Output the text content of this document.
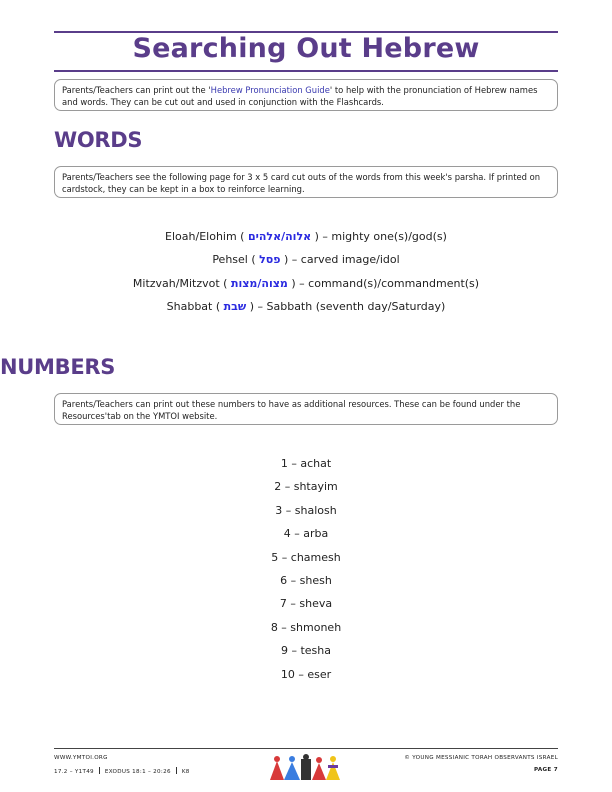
Searching Out Hebrew
Parents/Teachers can print out the 'Hebrew Pronunciation Guide' to help with the pronunciation of Hebrew names and words. They can be cut out and used in conjunction with the Flashcards.
WORDS
Parents/Teachers see the following page for 3 x 5 card cut outs of the words from this week's parsha. If printed on cardstock, they can be kept in a box to reinforce learning.
Eloah/Elohim ( אלוה/אלהים ) – mighty one(s)/god(s)
Pehsel ( פסל ) – carved image/idol
Mitzvah/Mitzvot ( מצוה/מצות ) – command(s)/commandment(s)
Shabbat ( שבת ) – Sabbath (seventh day/Saturday)
NUMBERS
Parents/Teachers can print out these numbers to have as additional resources. These can be found under the Resources'tab on the YMTOI website.
1 – achat
2 – shtayim
3 – shalosh
4 – arba
5 – chamesh
6 – shesh
7 – sheva
8 – shmoneh
9 – tesha
10 – eser
WWW.YMTOI.ORG
17.2 – Y1T49 EXODUS 18:1 – 20:26 K8
© YOUNG MESSIANIC TORAH OBSERVANTS ISRAEL
PAGE 7
